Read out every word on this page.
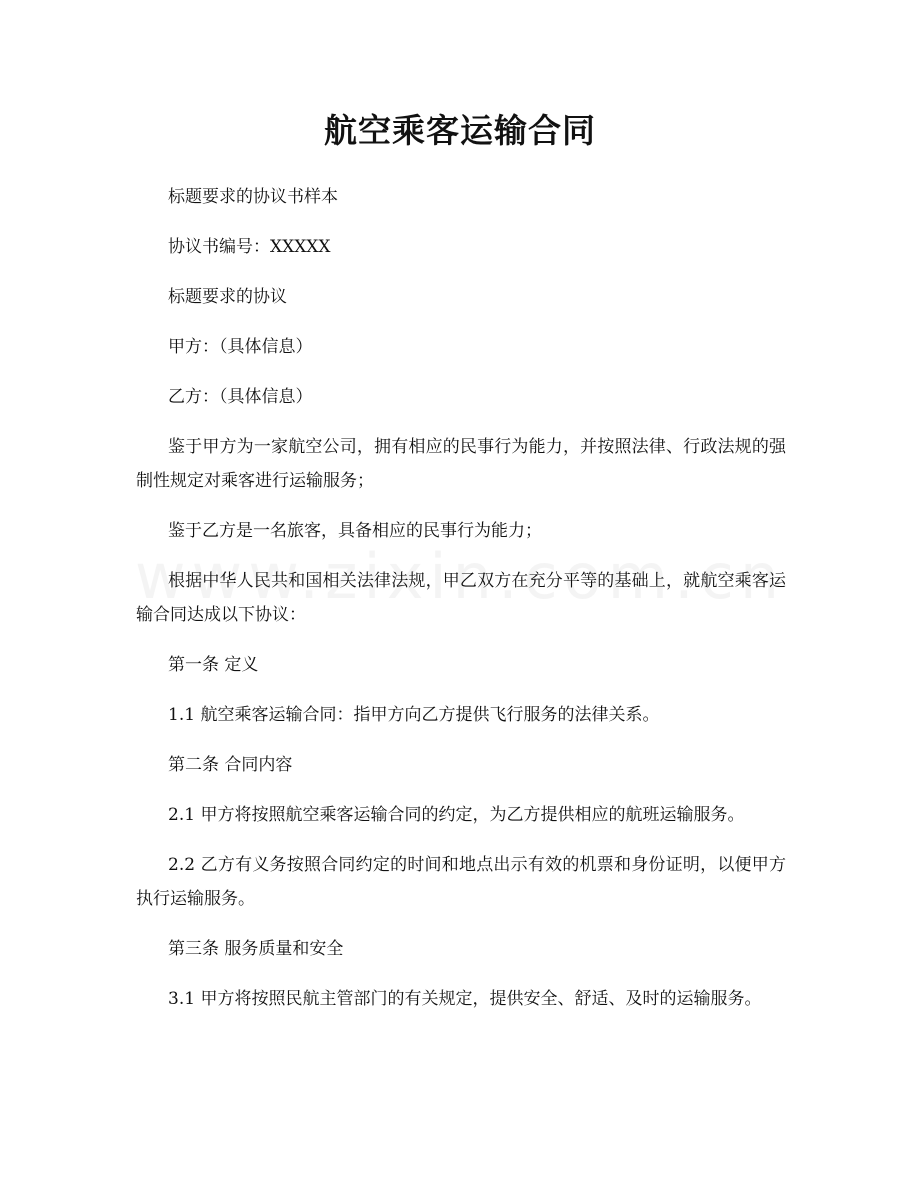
航空乘客运输合同

标题要求的协议书样本

协议书编号：XXXXX

标题要求的协议

甲方：（具体信息）

乙方：（具体信息）

鉴于甲方为一家航空公司，拥有相应的民事行为能力，并按照法律、行政法规的强制性规定对乘客进行运输服务；

鉴于乙方是一名旅客，具备相应的民事行为能力；

根据中华人民共和国相关法律法规，甲乙双方在充分平等的基础上，就航空乘客运输合同达成以下协议：

第一条 定义

1.1 航空乘客运输合同：指甲方向乙方提供飞行服务的法律关系。

第二条 合同内容

2.1 甲方将按照航空乘客运输合同的约定，为乙方提供相应的航班运输服务。

2.2 乙方有义务按照合同约定的时间和地点出示有效的机票和身份证明，以便甲方执行运输服务。

第三条 服务质量和安全

3.1 甲方将按照民航主管部门的有关规定，提供安全、舒适、及时的运输服务。
